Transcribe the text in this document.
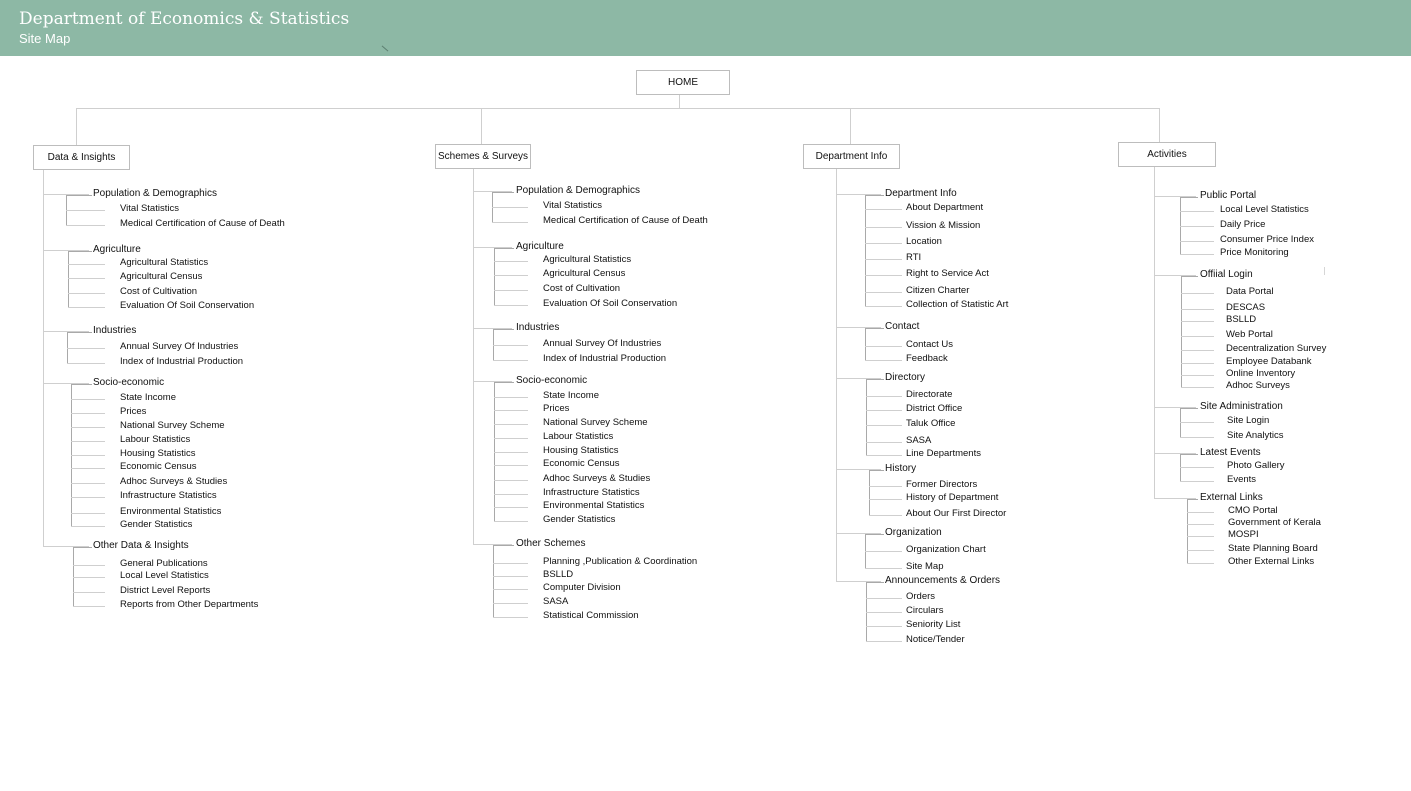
Department of Economics & Statistics
Site Map
HOME
Data & Insights
Population & Demographics
Vital Statistics
Medical Certification of Cause of Death
Agriculture
Agricultural Statistics
Agricultural Census
Cost of Cultivation
Evaluation Of Soil Conservation
Industries
Annual Survey Of Industries
Index of Industrial Production
Socio-economic
State Income
Prices
National Survey Scheme
Labour Statistics
Housing Statistics
Economic Census
Adhoc Surveys & Studies
Infrastructure Statistics
Environmental Statistics
Gender Statistics
Other Data & Insights
General Publications
Local Level Statistics
District Level Reports
Reports from Other Departments
Schemes & Surveys
Population & Demographics
Vital Statistics
Medical Certification of Cause of Death
Agriculture
Agricultural Statistics
Agricultural Census
Cost of Cultivation
Evaluation Of Soil Conservation
Industries
Annual Survey Of Industries
Index of Industrial Production
Socio-economic
State Income
Prices
National Survey Scheme
Labour Statistics
Housing Statistics
Economic Census
Adhoc Surveys & Studies
Infrastructure Statistics
Environmental Statistics
Gender Statistics
Other Schemes
Planning ,Publication & Coordination
BSLLD
Computer Division
SASA
Statistical Commission
Department Info
Department Info
About Department
Vission & Mission
Location
RTI
Right to Service Act
Citizen Charter
Collection of Statistic Art
Contact
Contact Us
Feedback
Directory
Directorate
District Office
Taluk Office
SASA
Line Departments
History
Former Directors
History of Department
About Our First Director
Organization
Organization Chart
Site Map
Announcements & Orders
Orders
Circulars
Seniority List
Notice/Tender
Activities
Public Portal
Local Level Statistics
Daily Price
Consumer Price Index
Price Monitoring
Offiial Login
Data Portal
DESCAS
BSLLD
Web Portal
Decentralization Survey
Employee Databank
Online Inventory
Adhoc Surveys
Site Administration
Site Login
Site Analytics
Latest Events
Photo Gallery
Events
External Links
CMO Portal
Government of Kerala
MOSPI
State Planning Board
Other External Links
